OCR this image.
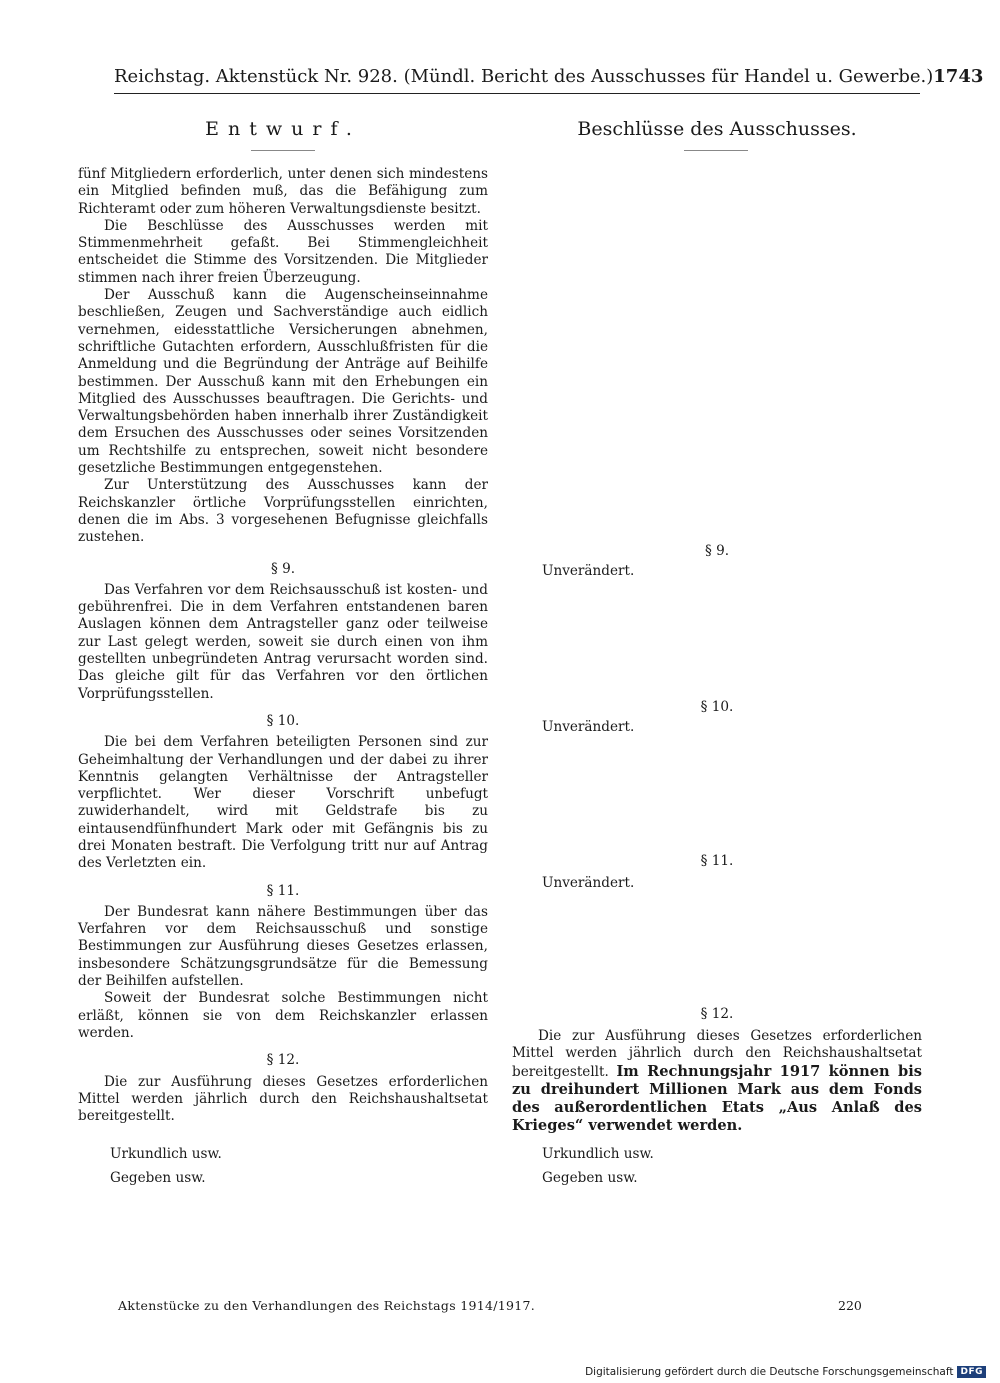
Reichstag. Aktenstück Nr. 928. (Mündl. Bericht des Ausschusses für Handel u. Gewerbe.) 1743
Entwurf.	Beschlüsse des Ausschusses.

fünf Mitgliedern erforderlich, unter denen sich mindestens ein Mitglied befinden muß, das die Befähigung zum Richteramt oder zum höheren Verwaltungsdienste besitzt.

Die Beschlüsse des Ausschusses werden mit Stimmenmehrheit gefaßt. Bei Stimmengleichheit entscheidet die Stimme des Vorsitzenden. Die Mitglieder stimmen nach ihrer freien Überzeugung.

Der Ausschuß kann die Augenscheinseinnahme beschließen, Zeugen und Sachverständige auch eidlich vernehmen, eidesstattliche Versicherungen abnehmen, schriftliche Gutachten erfordern, Ausschlußfristen für die Anmeldung und die Begründung der Anträge auf Beihilfe bestimmen. Der Ausschuß kann mit den Erhebungen ein Mitglied des Ausschusses beauftragen. Die Gerichts- und Verwaltungsbehörden haben innerhalb ihrer Zuständigkeit dem Ersuchen des Ausschusses oder seines Vorsitzenden um Rechtshilfe zu entsprechen, soweit nicht besondere gesetzliche Bestimmungen entgegenstehen.

Zur Unterstützung des Ausschusses kann der Reichskanzler örtliche Vorprüfungsstellen einrichten, denen die im Abs. 3 vorgesehenen Befugnisse gleichfalls zustehen.

§ 9.

Das Verfahren vor dem Reichsausschuß ist kosten- und gebührenfrei. Die in dem Verfahren entstandenen baren Auslagen können dem Antragsteller ganz oder teilweise zur Last gelegt werden, soweit sie durch einen von ihm gestellten unbegründeten Antrag verursacht worden sind. Das gleiche gilt für das Verfahren vor den örtlichen Vorprüfungsstellen.

§ 10.

Die bei dem Verfahren beteiligten Personen sind zur Geheimhaltung der Verhandlungen und der dabei zu ihrer Kenntnis gelangten Verhältnisse der Antragsteller verpflichtet. Wer dieser Vorschrift unbefugt zuwiderhandelt, wird mit Geldstrafe bis zu eintausendfünfhundert Mark oder mit Gefängnis bis zu drei Monaten bestraft. Die Verfolgung tritt nur auf Antrag des Verletzten ein.

§ 11.

Der Bundesrat kann nähere Bestimmungen über das Verfahren vor dem Reichsausschuß und sonstige Bestimmungen zur Ausführung dieses Gesetzes erlassen, insbesondere Schätzungsgrundsätze für die Bemessung der Beihilfen aufstellen.

Soweit der Bundesrat solche Bestimmungen nicht erläßt, können sie von dem Reichskanzler erlassen werden.

§ 12.

Die zur Ausführung dieses Gesetzes erforderlichen Mittel werden jährlich durch den Reichshaushaltsetat bereitgestellt.

Urkundlich usw.
Gegeben usw.
§ 9.
Unverändert.
§ 10.
Unverändert.
§ 11.
Unverändert.
§ 12.

Die zur Ausführung dieses Gesetzes erforderlichen Mittel werden jährlich durch den Reichshaushaltsetat bereitgestellt. Im Rechnungsjahr 1917 können bis zu dreihundert Millionen Mark aus dem Fonds des außerordentlichen Etats „Aus Anlaß des Krieges“ verwendet werden.

Urkundlich usw.
Gegeben usw.
Aktenstücke zu den Verhandlungen des Reichstags 1914/1917.	220
Digitalisierung gefördert durch die Deutsche Forschungsgemeinschaft DFG
